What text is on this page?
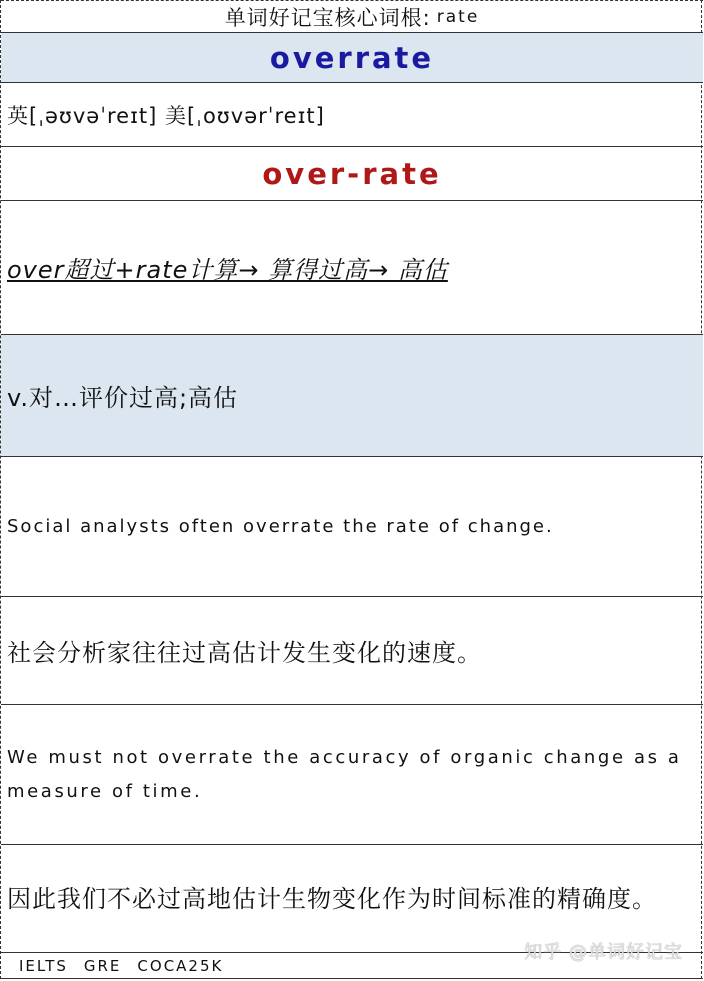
单词好记宝核心词根: rate
overrate
英[ˌəʊvəˈreɪt] 美[ˌoʊvərˈreɪt]
over-rate
over超过+rate计算→ 算得过高→ 高估
v.对…评价过高;高估
Social analysts often overrate the rate of change.
社会分析家往往过高估计发生变化的速度。
We must not overrate the accuracy of organic change as a measure of time.
因此我们不必过高地估计生物变化作为时间标准的精确度。
IELTS GRE COCA25K
知乎 @单词好记宝
